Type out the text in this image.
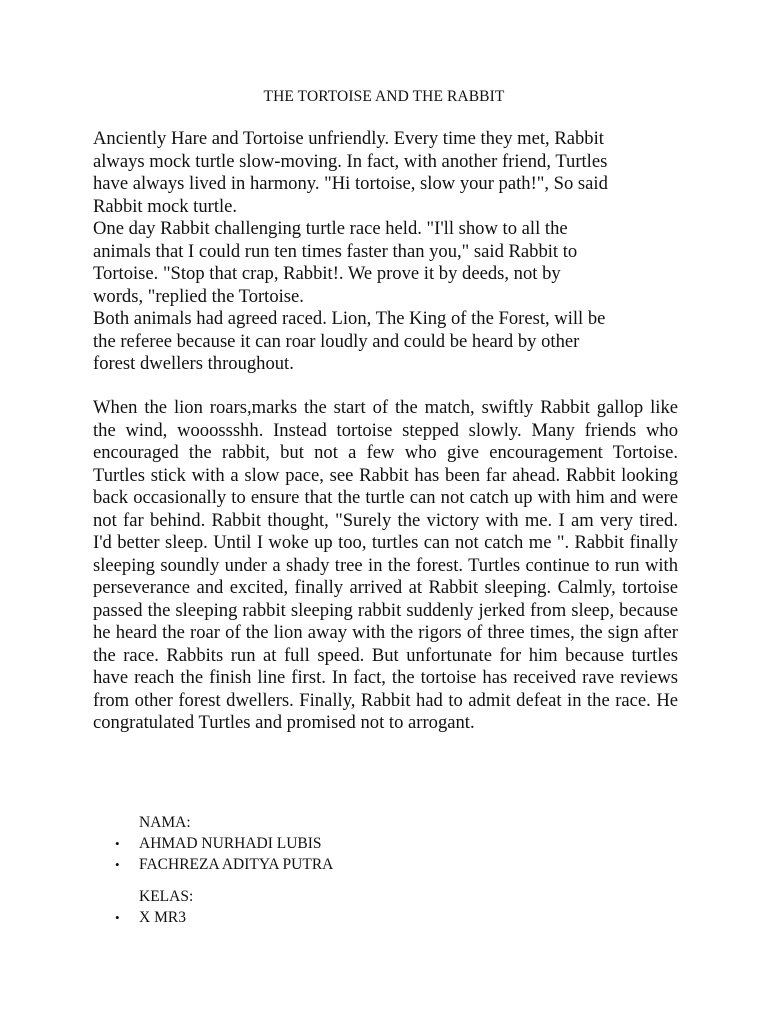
THE TORTOISE AND THE RABBIT

Anciently Hare and Tortoise unfriendly. Every time they met, Rabbit
always mock turtle slow-moving. In fact, with another friend, Turtles
have always lived in harmony. "Hi tortoise, slow your path!", So said
Rabbit mock turtle.
One day Rabbit challenging turtle race held. "I'll show to all the
animals that I could run ten times faster than you," said Rabbit to
Tortoise. "Stop that crap, Rabbit!. We prove it by deeds, not by
words, "replied the Tortoise.
Both animals had agreed raced. Lion, The King of the Forest, will be
the referee because it can roar loudly and could be heard by other
forest dwellers throughout.

When the lion roars,marks the start of the match, swiftly Rabbit gallop like the wind, wooossshh. Instead tortoise stepped slowly. Many friends who encouraged the rabbit, but not a few who give encouragement Tortoise. Turtles stick with a slow pace, see Rabbit has been far ahead. Rabbit looking back occasionally to ensure that the turtle can not catch up with him and were not far behind. Rabbit thought, "Surely the victory with me. I am very tired. I'd better sleep. Until I woke up too, turtles can not catch me ". Rabbit finally sleeping soundly under a shady tree in the forest. Turtles continue to run with perseverance and excited, finally arrived at Rabbit sleeping. Calmly, tortoise passed the sleeping rabbit sleeping rabbit suddenly jerked from sleep, because he heard the roar of the lion away with the rigors of three times, the sign after the race. Rabbits run at full speed. But unfortunate for him because turtles have reach the finish line first. In fact, the tortoise has received rave reviews from other forest dwellers. Finally, Rabbit had to admit defeat in the race. He congratulated Turtles and promised not to arrogant.

NAMA:
• AHMAD NURHADI LUBIS
• FACHREZA ADITYA PUTRA
KELAS:
• X MR3
